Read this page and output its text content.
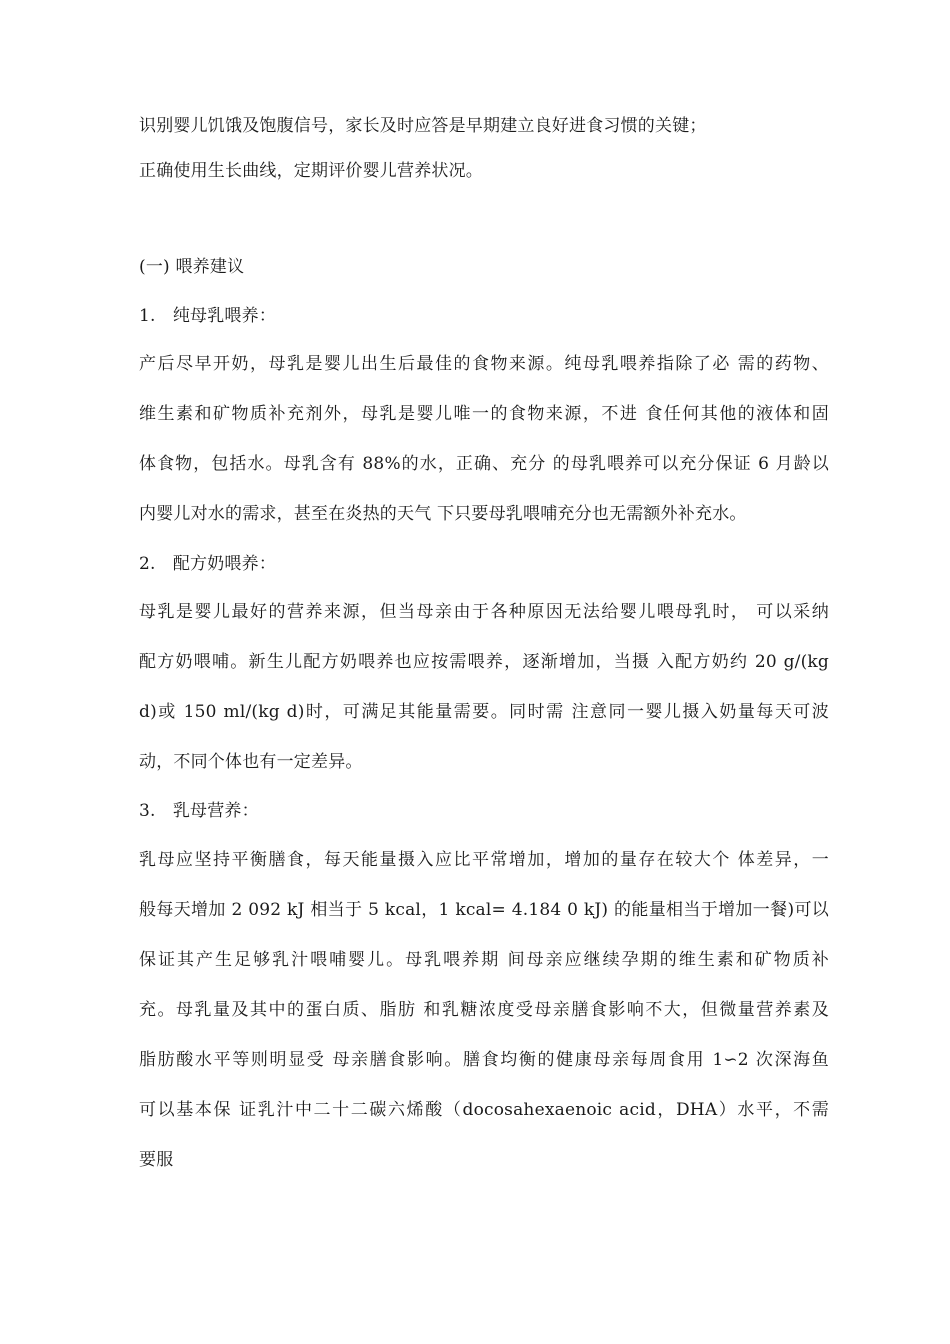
识别婴儿饥饿及饱腹信号，家长及时应答是早期建立良好进食习惯的关键；
正确使用生长曲线，定期评价婴儿营养状况。
(一) 喂养建议
1.　纯母乳喂养：
产后尽早开奶，母乳是婴儿出生后最佳的食物来源。纯母乳喂养指除了必 需的药物、
维生素和矿物质补充剂外，母乳是婴儿唯一的食物来源，不进 食任何其他的液体和固
体食物，包括水。母乳含有 88%的水，正确、充分 的母乳喂养可以充分保证 6 月龄以
内婴儿对水的需求，甚至在炎热的天气 下只要母乳喂哺充分也无需额外补充水。
2.　配方奶喂养：
母乳是婴儿最好的营养来源，但当母亲由于各种原因无法给婴儿喂母乳时， 可以采纳
配方奶喂哺。新生儿配方奶喂养也应按需喂养，逐渐增加，当摄 入配方奶约 20 g/(kg
d)或 150 ml/(kg d)时，可满足其能量需要。同时需 注意同一婴儿摄入奶量每天可波
动，不同个体也有一定差异。
3.　乳母营养：
乳母应坚持平衡膳食，每天能量摄入应比平常增加，增加的量存在较大个 体差异，一
般每天增加 2 092 kJ 相当于 5 kcal，1 kcal= 4.184 0 kJ) 的能量相当于增加一餐)可以
保证其产生足够乳汁喂哺婴儿。母乳喂养期 间母亲应继续孕期的维生素和矿物质补
充。母乳量及其中的蛋白质、脂肪 和乳糖浓度受母亲膳食影响不大，但微量营养素及
脂肪酸水平等则明显受 母亲膳食影响。膳食均衡的健康母亲每周食用 1∽2 次深海鱼
可以基本保 证乳汁中二十二碳六烯酸（docosahexaenoic acid，DHA）水平，不需
要服
